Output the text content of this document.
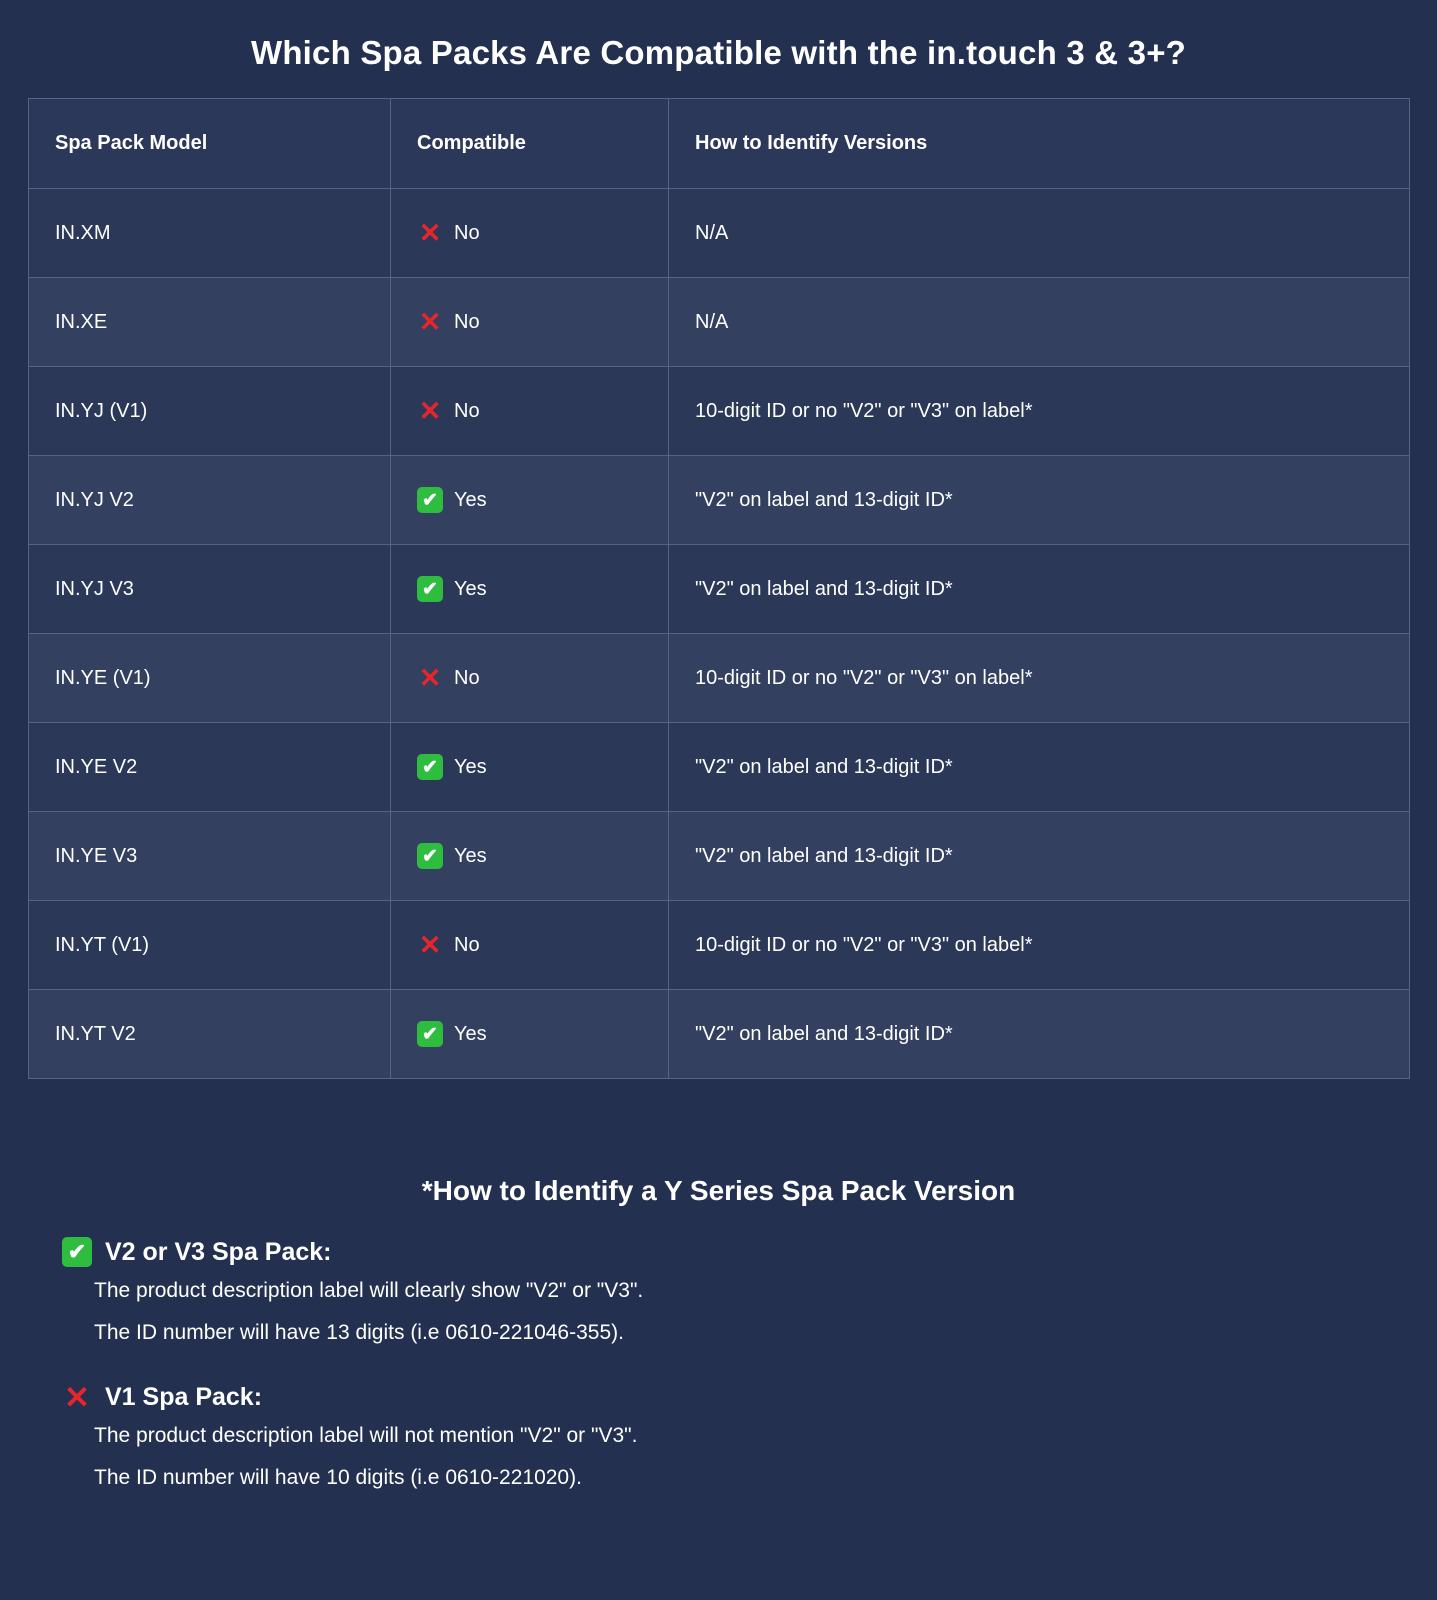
Which Spa Packs Are Compatible with the in.touch 3 & 3+?
Spa Pack Model	Compatible	How to Identify Versions
IN.XM	✕ No	N/A
IN.XE	✕ No	N/A
IN.YJ (V1)	✕ No	10-digit ID or no "V2" or "V3" on label*
IN.YJ V2	✔ Yes	"V2" on label and 13-digit ID*
IN.YJ V3	✔ Yes	"V2" on label and 13-digit ID*
IN.YE (V1)	✕ No	10-digit ID or no "V2" or "V3" on label*
IN.YE V2	✔ Yes	"V2" on label and 13-digit ID*
IN.YE V3	✔ Yes	"V2" on label and 13-digit ID*
IN.YT (V1)	✕ No	10-digit ID or no "V2" or "V3" on label*
IN.YT V2	✔ Yes	"V2" on label and 13-digit ID*
*How to Identify a Y Series Spa Pack Version
✔ V2 or V3 Spa Pack:
The product description label will clearly show "V2" or "V3".
The ID number will have 13 digits (i.e 0610-221046-355).
✕ V1 Spa Pack:
The product description label will not mention "V2" or "V3".
The ID number will have 10 digits (i.e 0610-221020).
